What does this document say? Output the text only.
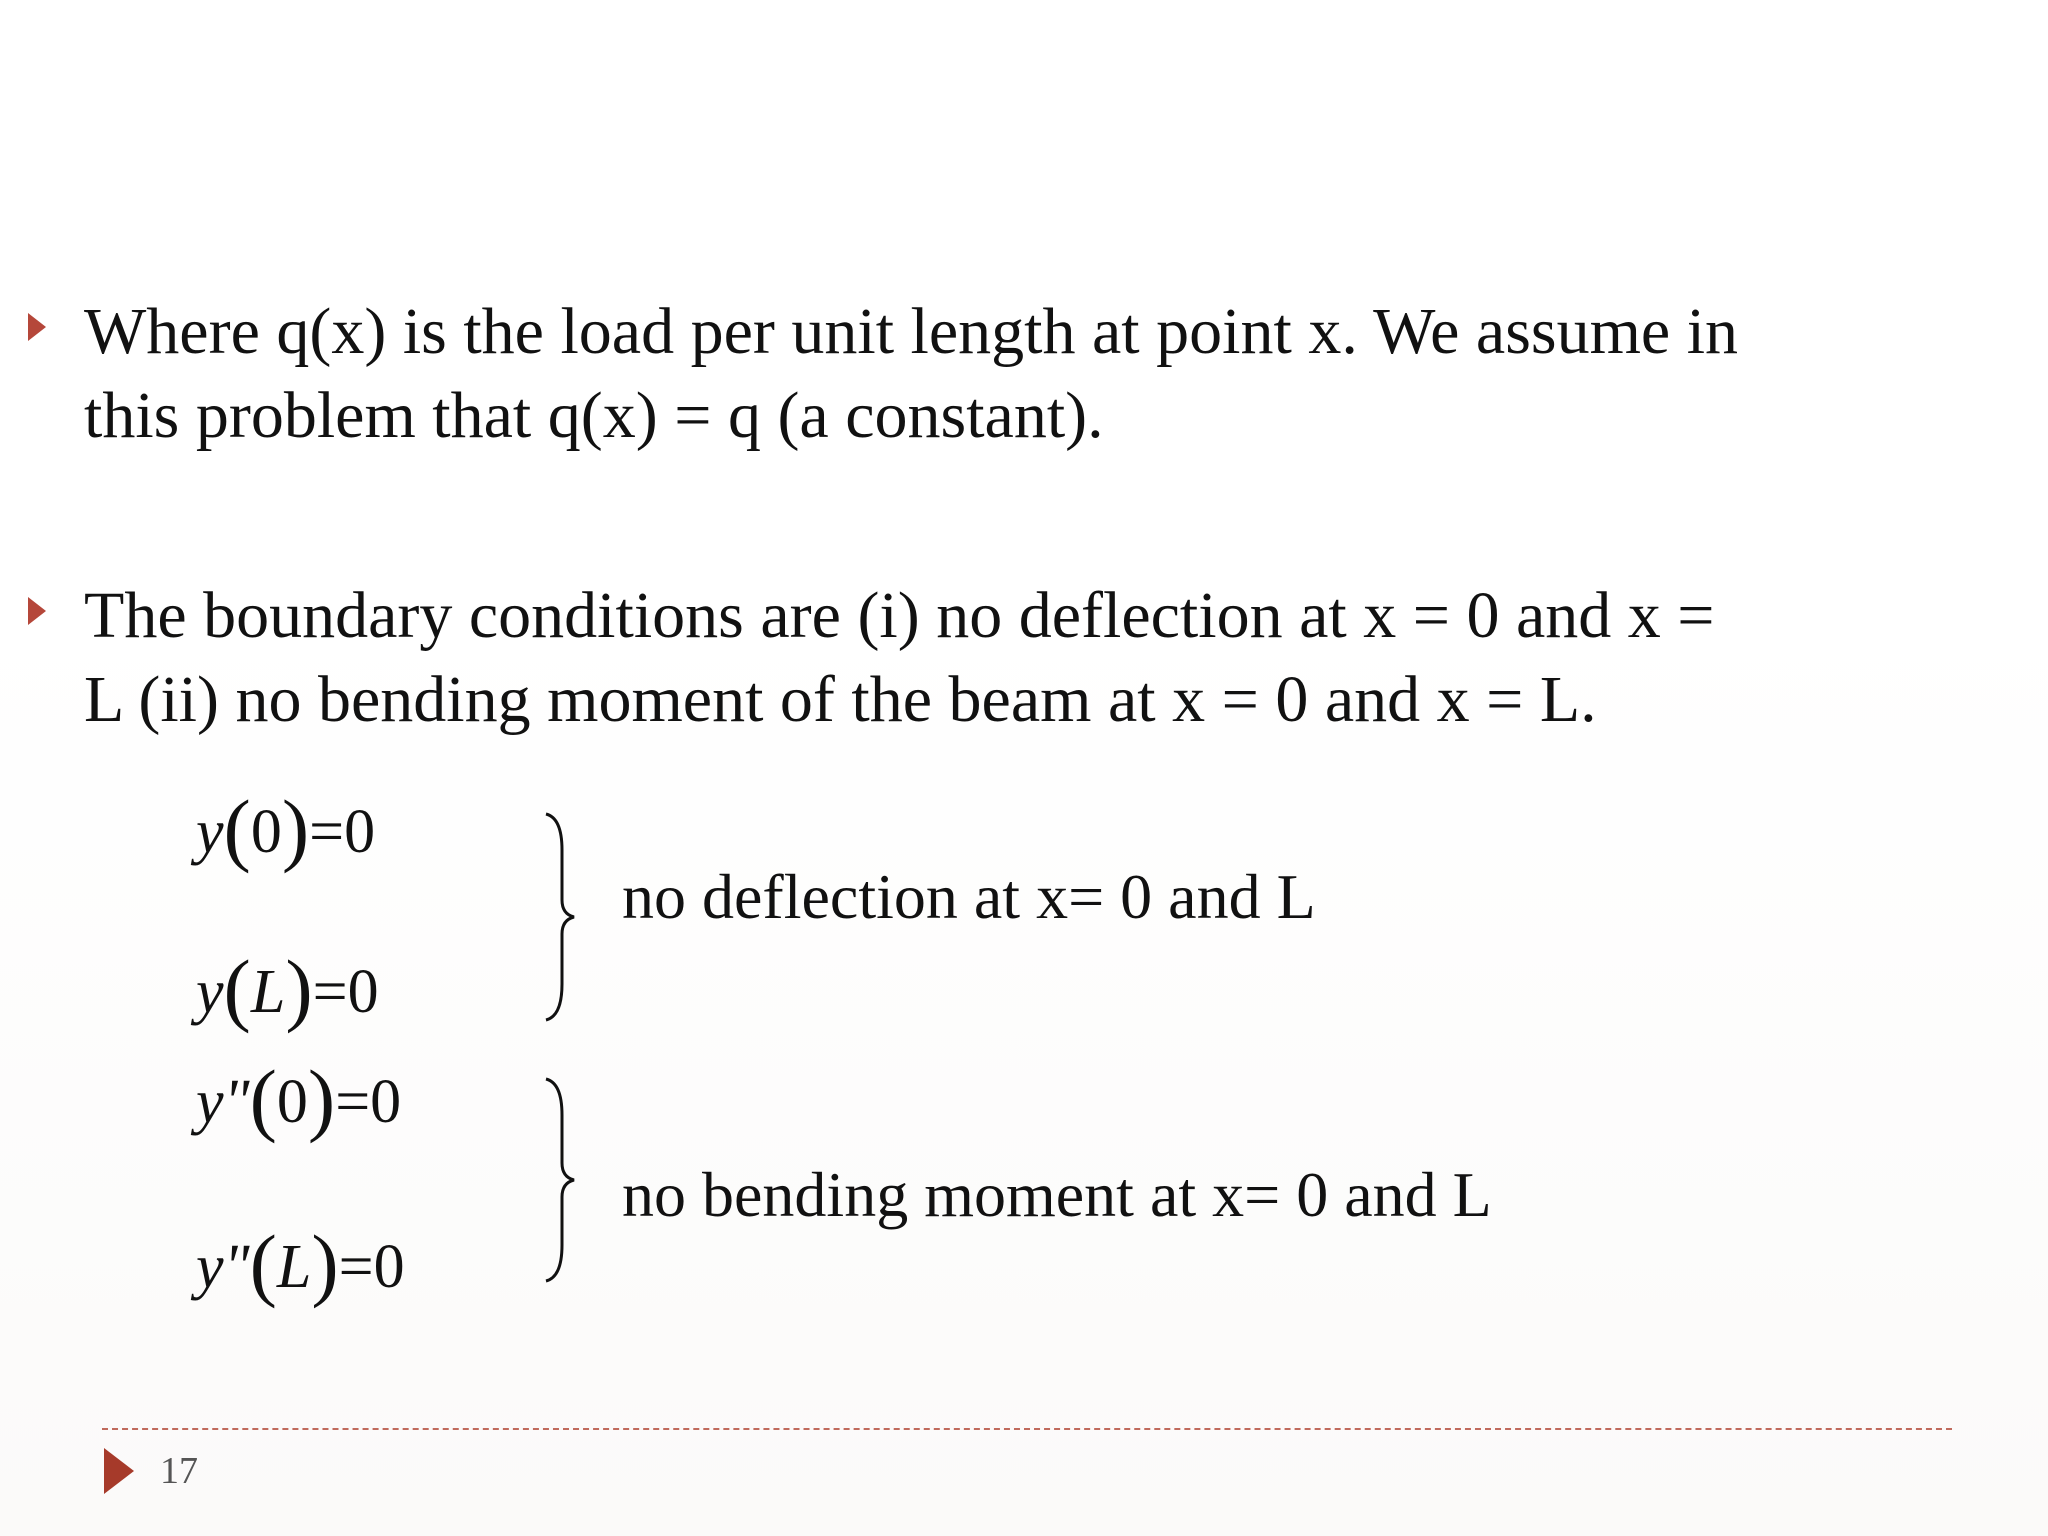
Where q(x) is the load per unit length at point x. We assume in
this problem that q(x) = q (a constant).
The boundary conditions are (i) no deflection at x = 0 and x =
L (ii) no bending moment of the beam at x = 0 and x = L.
y(0)=0
y(L)=0
y"(0)=0
y"(L)=0
no deflection at x= 0 and L
no bending moment at x= 0 and L
17
